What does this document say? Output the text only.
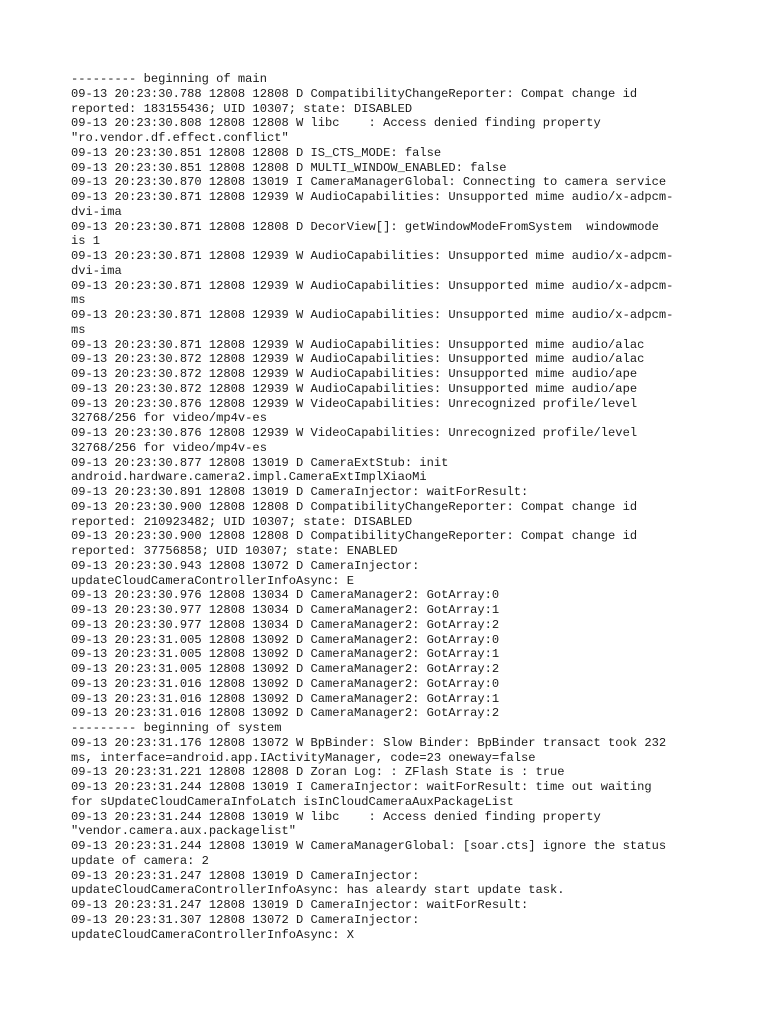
--------- beginning of main
09-13 20:23:30.788 12808 12808 D CompatibilityChangeReporter: Compat change id
reported: 183155436; UID 10307; state: DISABLED
09-13 20:23:30.808 12808 12808 W libc    : Access denied finding property
"ro.vendor.df.effect.conflict"
09-13 20:23:30.851 12808 12808 D IS_CTS_MODE: false
09-13 20:23:30.851 12808 12808 D MULTI_WINDOW_ENABLED: false
09-13 20:23:30.870 12808 13019 I CameraManagerGlobal: Connecting to camera service
09-13 20:23:30.871 12808 12939 W AudioCapabilities: Unsupported mime audio/x-adpcm-
dvi-ima
09-13 20:23:30.871 12808 12808 D DecorView[]: getWindowModeFromSystem  windowmode
is 1
09-13 20:23:30.871 12808 12939 W AudioCapabilities: Unsupported mime audio/x-adpcm-
dvi-ima
09-13 20:23:30.871 12808 12939 W AudioCapabilities: Unsupported mime audio/x-adpcm-
ms
09-13 20:23:30.871 12808 12939 W AudioCapabilities: Unsupported mime audio/x-adpcm-
ms
09-13 20:23:30.871 12808 12939 W AudioCapabilities: Unsupported mime audio/alac
09-13 20:23:30.872 12808 12939 W AudioCapabilities: Unsupported mime audio/alac
09-13 20:23:30.872 12808 12939 W AudioCapabilities: Unsupported mime audio/ape
09-13 20:23:30.872 12808 12939 W AudioCapabilities: Unsupported mime audio/ape
09-13 20:23:30.876 12808 12939 W VideoCapabilities: Unrecognized profile/level
32768/256 for video/mp4v-es
09-13 20:23:30.876 12808 12939 W VideoCapabilities: Unrecognized profile/level
32768/256 for video/mp4v-es
09-13 20:23:30.877 12808 13019 D CameraExtStub: init
android.hardware.camera2.impl.CameraExtImplXiaoMi
09-13 20:23:30.891 12808 13019 D CameraInjector: waitForResult:
09-13 20:23:30.900 12808 12808 D CompatibilityChangeReporter: Compat change id
reported: 210923482; UID 10307; state: DISABLED
09-13 20:23:30.900 12808 12808 D CompatibilityChangeReporter: Compat change id
reported: 37756858; UID 10307; state: ENABLED
09-13 20:23:30.943 12808 13072 D CameraInjector:
updateCloudCameraControllerInfoAsync: E
09-13 20:23:30.976 12808 13034 D CameraManager2: GotArray:0
09-13 20:23:30.977 12808 13034 D CameraManager2: GotArray:1
09-13 20:23:30.977 12808 13034 D CameraManager2: GotArray:2
09-13 20:23:31.005 12808 13092 D CameraManager2: GotArray:0
09-13 20:23:31.005 12808 13092 D CameraManager2: GotArray:1
09-13 20:23:31.005 12808 13092 D CameraManager2: GotArray:2
09-13 20:23:31.016 12808 13092 D CameraManager2: GotArray:0
09-13 20:23:31.016 12808 13092 D CameraManager2: GotArray:1
09-13 20:23:31.016 12808 13092 D CameraManager2: GotArray:2
--------- beginning of system
09-13 20:23:31.176 12808 13072 W BpBinder: Slow Binder: BpBinder transact took 232
ms, interface=android.app.IActivityManager, code=23 oneway=false
09-13 20:23:31.221 12808 12808 D Zoran Log: : ZFlash State is : true
09-13 20:23:31.244 12808 13019 I CameraInjector: waitForResult: time out waiting
for sUpdateCloudCameraInfoLatch isInCloudCameraAuxPackageList
09-13 20:23:31.244 12808 13019 W libc    : Access denied finding property
"vendor.camera.aux.packagelist"
09-13 20:23:31.244 12808 13019 W CameraManagerGlobal: [soar.cts] ignore the status
update of camera: 2
09-13 20:23:31.247 12808 13019 D CameraInjector:
updateCloudCameraControllerInfoAsync: has aleardy start update task.
09-13 20:23:31.247 12808 13019 D CameraInjector: waitForResult:
09-13 20:23:31.307 12808 13072 D CameraInjector:
updateCloudCameraControllerInfoAsync: X
